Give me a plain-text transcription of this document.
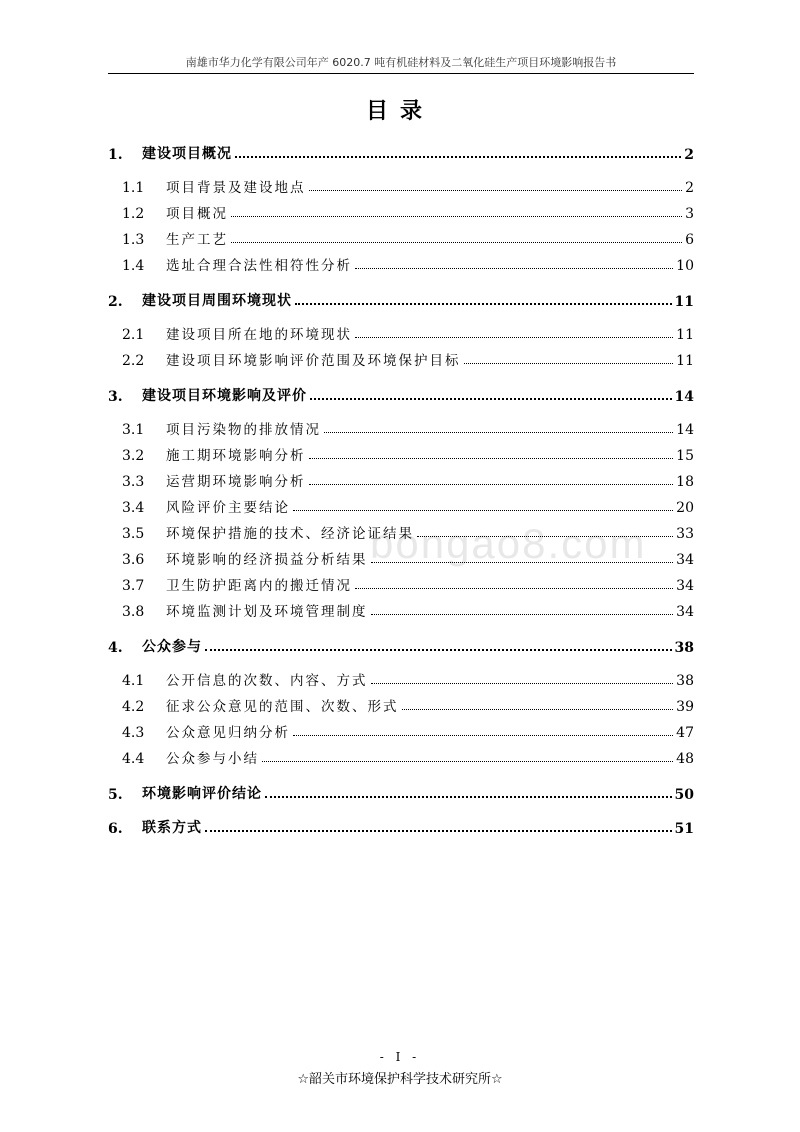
南雄市华力化学有限公司年产 6020.7 吨有机硅材料及二氧化硅生产项目环境影响报告书
目录
bongao8.com
1.	建设项目概况	2
1.1	项目背景及建设地点	2
1.2	项目概况	3
1.3	生产工艺	6
1.4	选址合理合法性相符性分析	10
2.	建设项目周围环境现状	11
2.1	建设项目所在地的环境现状	11
2.2	建设项目环境影响评价范围及环境保护目标	11
3.	建设项目环境影响及评价	14
3.1	项目污染物的排放情况	14
3.2	施工期环境影响分析	15
3.3	运营期环境影响分析	18
3.4	风险评价主要结论	20
3.5	环境保护措施的技术、经济论证结果	33
3.6	环境影响的经济损益分析结果	34
3.7	卫生防护距离内的搬迁情况	34
3.8	环境监测计划及环境管理制度	34
4.	公众参与	38
4.1	公开信息的次数、内容、方式	38
4.2	征求公众意见的范围、次数、形式	39
4.3	公众意见归纳分析	47
4.4	公众参与小结	48
5.	环境影响评价结论	50
6.	联系方式	51
- I -
☆韶关市环境保护科学技术研究所☆
